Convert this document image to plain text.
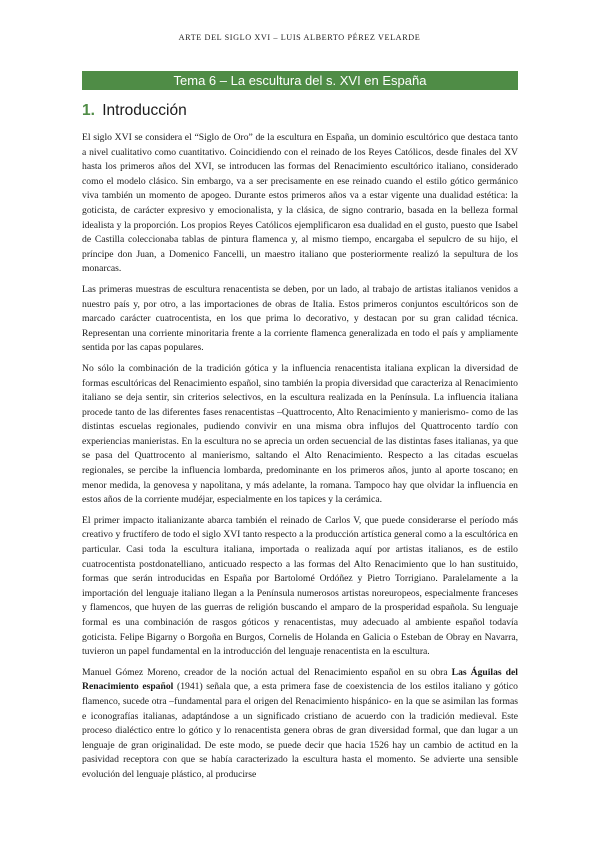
ARTE DEL SIGLO XVI – LUIS ALBERTO PÉREZ VELARDE
Tema 6 – La escultura del s. XVI en España
1. Introducción

El siglo XVI se considera el “Siglo de Oro” de la escultura en España, un dominio escultórico que destaca tanto a nivel cualitativo como cuantitativo. Coincidiendo con el reinado de los Reyes Católicos, desde finales del XV hasta los primeros años del XVI, se introducen las formas del Renacimiento escultórico italiano, considerado como el modelo clásico. Sin embargo, va a ser precisamente en ese reinado cuando el estilo gótico germánico viva también un momento de apogeo. Durante estos primeros años va a estar vigente una dualidad estética: la goticista, de carácter expresivo y emocionalista, y la clásica, de signo contrario, basada en la belleza formal idealista y la proporción. Los propios Reyes Católicos ejemplificaron esa dualidad en el gusto, puesto que Isabel de Castilla coleccionaba tablas de pintura flamenca y, al mismo tiempo, encargaba el sepulcro de su hijo, el príncipe don Juan, a Domenico Fancelli, un maestro italiano que posteriormente realizó la sepultura de los monarcas.

Las primeras muestras de escultura renacentista se deben, por un lado, al trabajo de artistas italianos venidos a nuestro país y, por otro, a las importaciones de obras de Italia. Estos primeros conjuntos escultóricos son de marcado carácter cuatrocentista, en los que prima lo decorativo, y destacan por su gran calidad técnica. Representan una corriente minoritaria frente a la corriente flamenca generalizada en todo el país y ampliamente sentida por las capas populares.

No sólo la combinación de la tradición gótica y la influencia renacentista italiana explican la diversidad de formas escultóricas del Renacimiento español, sino también la propia diversidad que caracteriza al Renacimiento italiano se deja sentir, sin criterios selectivos, en la escultura realizada en la Península. La influencia italiana procede tanto de las diferentes fases renacentistas –Quattrocento, Alto Renacimiento y manierismo- como de las distintas escuelas regionales, pudiendo convivir en una misma obra influjos del Quattrocento tardío con experiencias manieristas. En la escultura no se aprecia un orden secuencial de las distintas fases italianas, ya que se pasa del Quattrocento al manierismo, saltando el Alto Renacimiento. Respecto a las citadas escuelas regionales, se percibe la influencia lombarda, predominante en los primeros años, junto al aporte toscano; en menor medida, la genovesa y napolitana, y más adelante, la romana. Tampoco hay que olvidar la influencia en estos años de la corriente mudéjar, especialmente en los tapices y la cerámica.

El primer impacto italianizante abarca también el reinado de Carlos V, que puede considerarse el período más creativo y fructífero de todo el siglo XVI tanto respecto a la producción artística general como a la escultórica en particular. Casi toda la escultura italiana, importada o realizada aquí por artistas italianos, es de estilo cuatrocentista postdonatelliano, anticuado respecto a las formas del Alto Renacimiento que lo han sustituido, formas que serán introducidas en España por Bartolomé Ordóñez y Pietro Torrigiano. Paralelamente a la importación del lenguaje italiano llegan a la Península numerosos artistas noreuropeos, especialmente franceses y flamencos, que huyen de las guerras de religión buscando el amparo de la prosperidad española. Su lenguaje formal es una combinación de rasgos góticos y renacentistas, muy adecuado al ambiente español todavía goticista. Felipe Bigarny o Borgoña en Burgos, Cornelis de Holanda en Galicia o Esteban de Obray en Navarra, tuvieron un papel fundamental en la introducción del lenguaje renacentista en la escultura.

Manuel Gómez Moreno, creador de la noción actual del Renacimiento español en su obra Las Águilas del Renacimiento español (1941) señala que, a esta primera fase de coexistencia de los estilos italiano y gótico flamenco, sucede otra –fundamental para el origen del Renacimiento hispánico- en la que se asimilan las formas e iconografías italianas, adaptándose a un significado cristiano de acuerdo con la tradición medieval. Este proceso dialéctico entre lo gótico y lo renacentista genera obras de gran diversidad formal, que dan lugar a un lenguaje de gran originalidad. De este modo, se puede decir que hacia 1526 hay un cambio de actitud en la pasividad receptora con que se había caracterizado la escultura hasta el momento. Se advierte una sensible evolución del lenguaje plástico, al producirse
